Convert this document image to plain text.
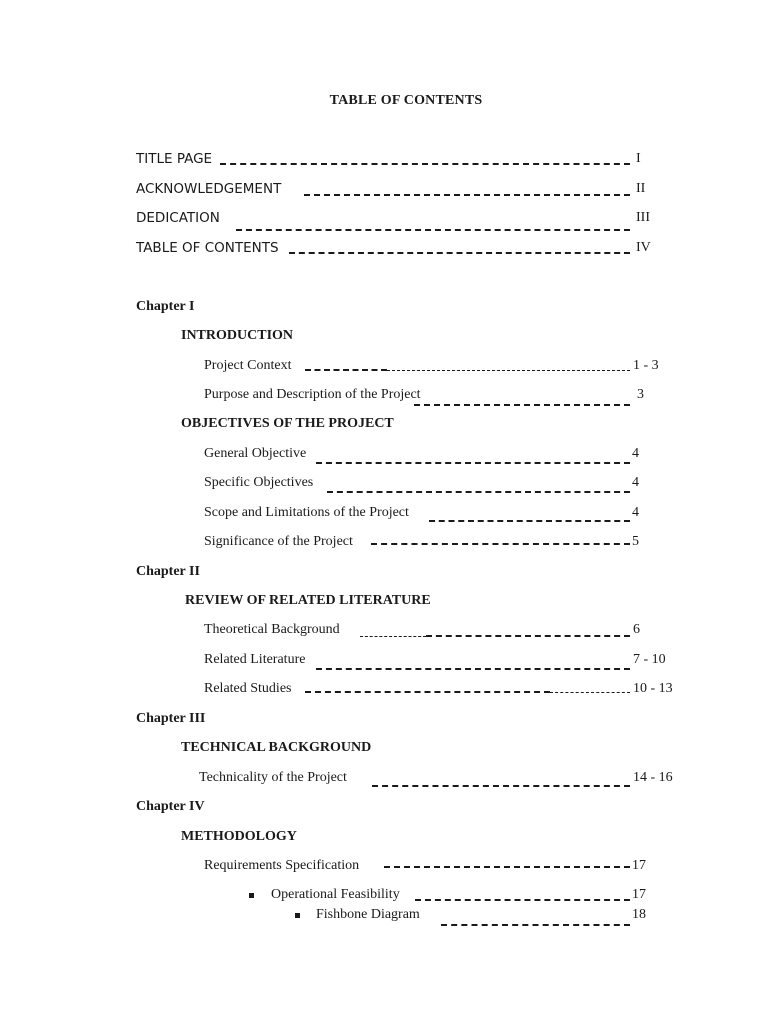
TABLE OF CONTENTS
TITLE PAGE	I
ACKNOWLEDGEMENT	II
DEDICATION	III
TABLE OF CONTENTS	IV
Chapter I
INTRODUCTION
Project Context	1 - 3
Purpose and Description of the Project	3
OBJECTIVES OF THE PROJECT
General Objective	4
Specific Objectives	4
Scope and Limitations of the Project	4
Significance of the Project	5
Chapter II
REVIEW OF RELATED LITERATURE
Theoretical Background	6
Related Literature	7 - 10
Related Studies	10 - 13
Chapter III
TECHNICAL BACKGROUND
Technicality of the Project	14 - 16
Chapter IV
METHODOLOGY
Requirements Specification	17
Operational Feasibility	17
Fishbone Diagram	18
